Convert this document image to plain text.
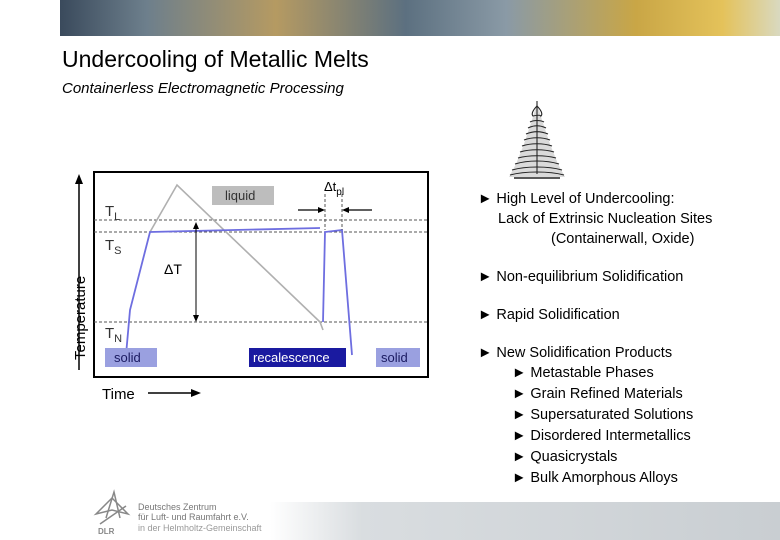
Undercooling of Metallic Melts
Containerless Electromagnetic Processing
Temperature
Time
ΔT
$\Delta t_{pl}$
$T_L$
$T_S$
$T_N$
liquid
solid	recalescence	solid
► High Level of Undercooling:
Lack of Extrinsic Nucleation Sites
(Containerwall, Oxide)
► Non-equilibrium Solidification
► Rapid Solidification
► New Solidification Products
► Metastable Phases
► Grain Refined Materials
► Supersaturated Solutions
► Disordered Intermetallics
► Quasicrystals
► Bulk Amorphous Alloys
DLR
Deutsches Zentrum
für Luft- und Raumfahrt e.V.
in der Helmholtz-Gemeinschaft
